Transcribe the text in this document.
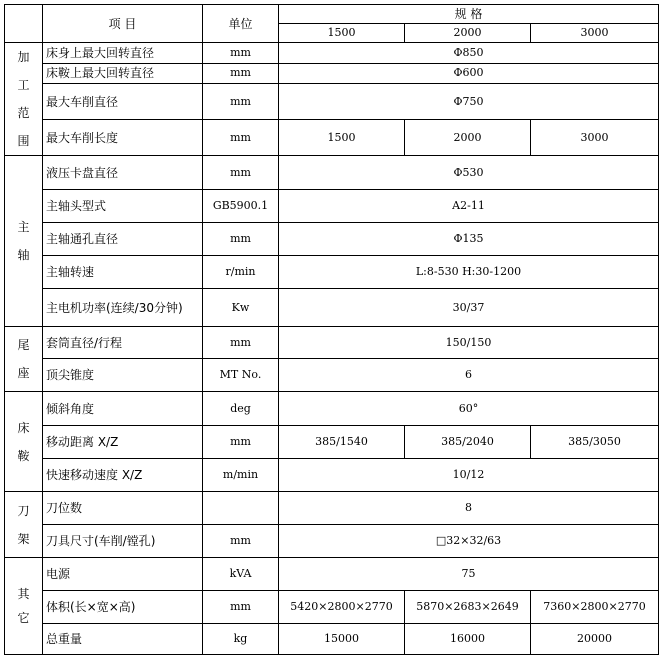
	项 目	单位	规 格		
			1500	2000	3000

加
工
范
围	床身上最大回转直径	mm	Φ850		
	床鞍上最大回转直径	mm	Φ600		
	最大车削直径	mm	Φ750		
	最大车削长度	mm	1500	2000	3000

主
轴	液压卡盘直径	mm	Φ530		
	主轴头型式	GB5900.1	A2-11		
	主轴通孔直径	mm	Φ135		
	主轴转速	r/min	L:8-530 H:30-1200		
	主电机功率(连续/30分钟)	Kw	30/37		

尾
座	套筒直径/行程	mm	150/150		
	顶尖锥度	MT No.	6		

床
鞍	倾斜角度	deg	60°		
	移动距离 X/Z	mm	385/1540	385/2040	385/3050
	快速移动速度 X/Z	m/min	10/12		

刀
架	刀位数		8		
	刀具尺寸(车削/镗孔)	mm	□32×32/63		

其
它	电源	kVA	75		
	体积(长×宽×高)	mm	5420×2800×2770	5870×2683×2649	7360×2800×2770
	总重量	kg	15000	16000	20000
